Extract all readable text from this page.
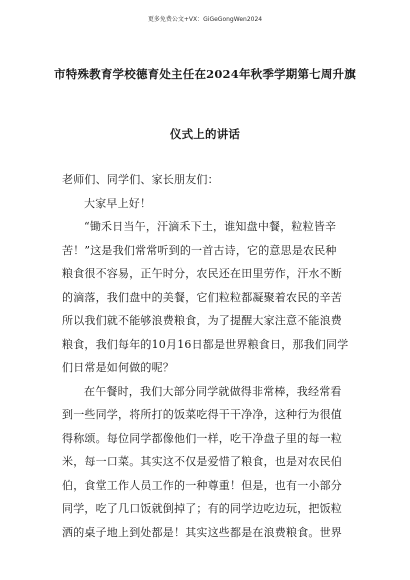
更多免费公文+VX：GiGeGongWen2024
市特殊教育学校德育处主任在2024年秋季学期第七周升旗
仪式上的讲话
老师们、同学们、家长朋友们：
大家早上好！
“锄禾日当午，汗滴禾下土，谁知盘中餐，粒粒皆辛
苦！”这是我们常常听到的一首古诗，它的意思是农民种
粮食很不容易，正午时分，农民还在田里劳作，汗水不断
的滴落，我们盘中的美餐，它们粒粒都凝聚着农民的辛苦
所以我们就不能够浪费粮食，为了提醒大家注意不能浪费
粮食，我们每年的10月16日都是世界粮食日，那我们同学
们日常是如何做的呢？
在午餐时，我们大部分同学就做得非常棒，我经常看
到一些同学，将所打的饭菜吃得干干净净，这种行为很值
得称颂。每位同学都像他们一样，吃干净盘子里的每一粒
米，每一口菜。其实这不仅是爱惜了粮食，也是对农民伯
伯，食堂工作人员工作的一种尊重！但是，也有一小部分
同学，吃了几口饭就倒掉了；有的同学边吃边玩，把饭粒
洒的桌子地上到处都是！其实这些都是在浪费粮食。世界
